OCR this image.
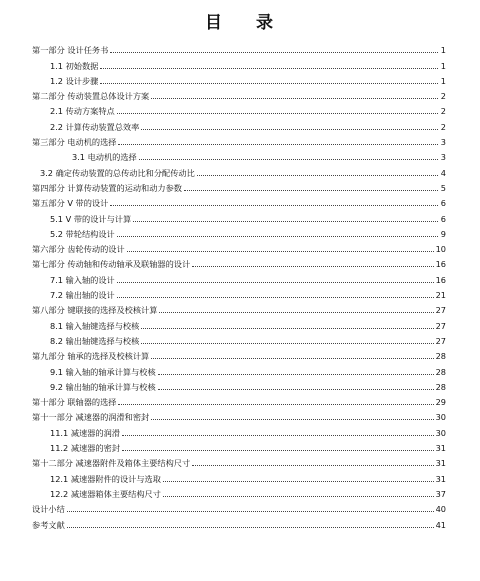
目 录
第一部分 设计任务书	1
1.1 初始数据	1
1.2 设计步骤	1
第二部分 传动装置总体设计方案	2
2.1 传动方案特点	2
2.2 计算传动装置总效率	2
第三部分 电动机的选择	3
3.1 电动机的选择	3
3.2 确定传动装置的总传动比和分配传动比	4
第四部分 计算传动装置的运动和动力参数	5
第五部分 V 带的设计	6
5.1 V 带的设计与计算	6
5.2 带轮结构设计	9
第六部分 齿轮传动的设计	10
第七部分 传动轴和传动轴承及联轴器的设计	16
7.1 输入轴的设计	16
7.2 输出轴的设计	21
第八部分 键联接的选择及校核计算	27
8.1 输入轴键选择与校核	27
8.2 输出轴键选择与校核	27
第九部分 轴承的选择及校核计算	28
9.1 输入轴的轴承计算与校核	28
9.2 输出轴的轴承计算与校核	28
第十部分 联轴器的选择	29
第十一部分 减速器的润滑和密封	30
11.1 减速器的润滑	30
11.2 减速器的密封	31
第十二部分 减速器附件及箱体主要结构尺寸	31
12.1 减速器附件的设计与选取	31
12.2 减速器箱体主要结构尺寸	37
设计小结	40
参考文献	41
